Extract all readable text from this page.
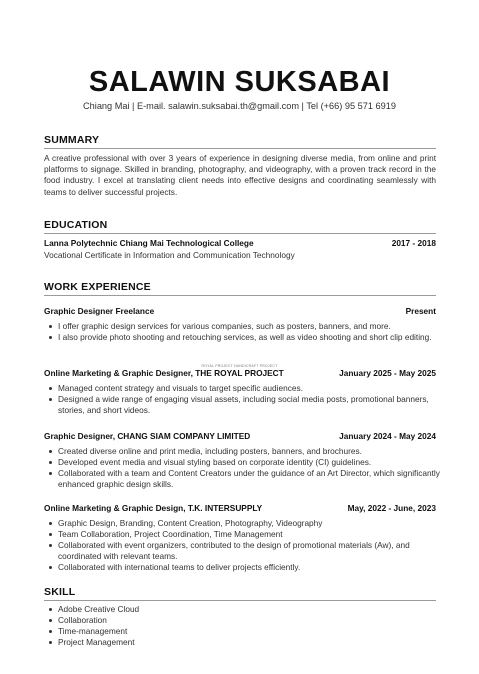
SALAWIN SUKSABAI
Chiang Mai | E-mail. salawin.suksabai.th@gmail.com | Tel (+66) 95 571 6919
SUMMARY

A creative professional with over 3 years of experience in designing diverse media, from online and print platforms to signage. Skilled in branding, photography, and videography, with a proven track record in the food industry. I excel at translating client needs into effective designs and coordinating seamlessly with teams to deliver successful projects.

EDUCATION
Lanna Polytechnic Chiang Mai Technological College	2017 - 2018
Vocational Certificate in Information and Communication Technology
WORK EXPERIENCE
Graphic Designer Freelance	Present
I offer graphic design services for various companies, such as posters, banners, and more.
I also provide photo shooting and retouching services, as well as video shooting and short clip editing.
ROYAL PROJECT HANDICRAFT PROJECT
Online Marketing & Graphic Designer, THE ROYAL PROJECT	January 2025 - May 2025
Managed content strategy and visuals to target specific audiences.
Designed a wide range of engaging visual assets, including social media posts, promotional banners, stories, and short videos.
Graphic Designer, CHANG SIAM COMPANY LIMITED	January 2024 - May 2024
Created diverse online and print media, including posters, banners, and brochures.
Developed event media and visual styling based on corporate identity (CI) guidelines.
Collaborated with a team and Content Creators under the guidance of an Art Director, which significantly enhanced graphic design skills.
Online Marketing & Graphic Design, T.K. INTERSUPPLY	May, 2022 - June, 2023
Graphic Design, Branding, Content Creation, Photography, Videography
Team Collaboration, Project Coordination, Time Management
Collaborated with event organizers, contributed to the design of promotional materials (Aw), and coordinated with relevant teams.
Collaborated with international teams to deliver projects efficiently.
SKILL
Adobe Creative Cloud
Collaboration
Time-management
Project Management
